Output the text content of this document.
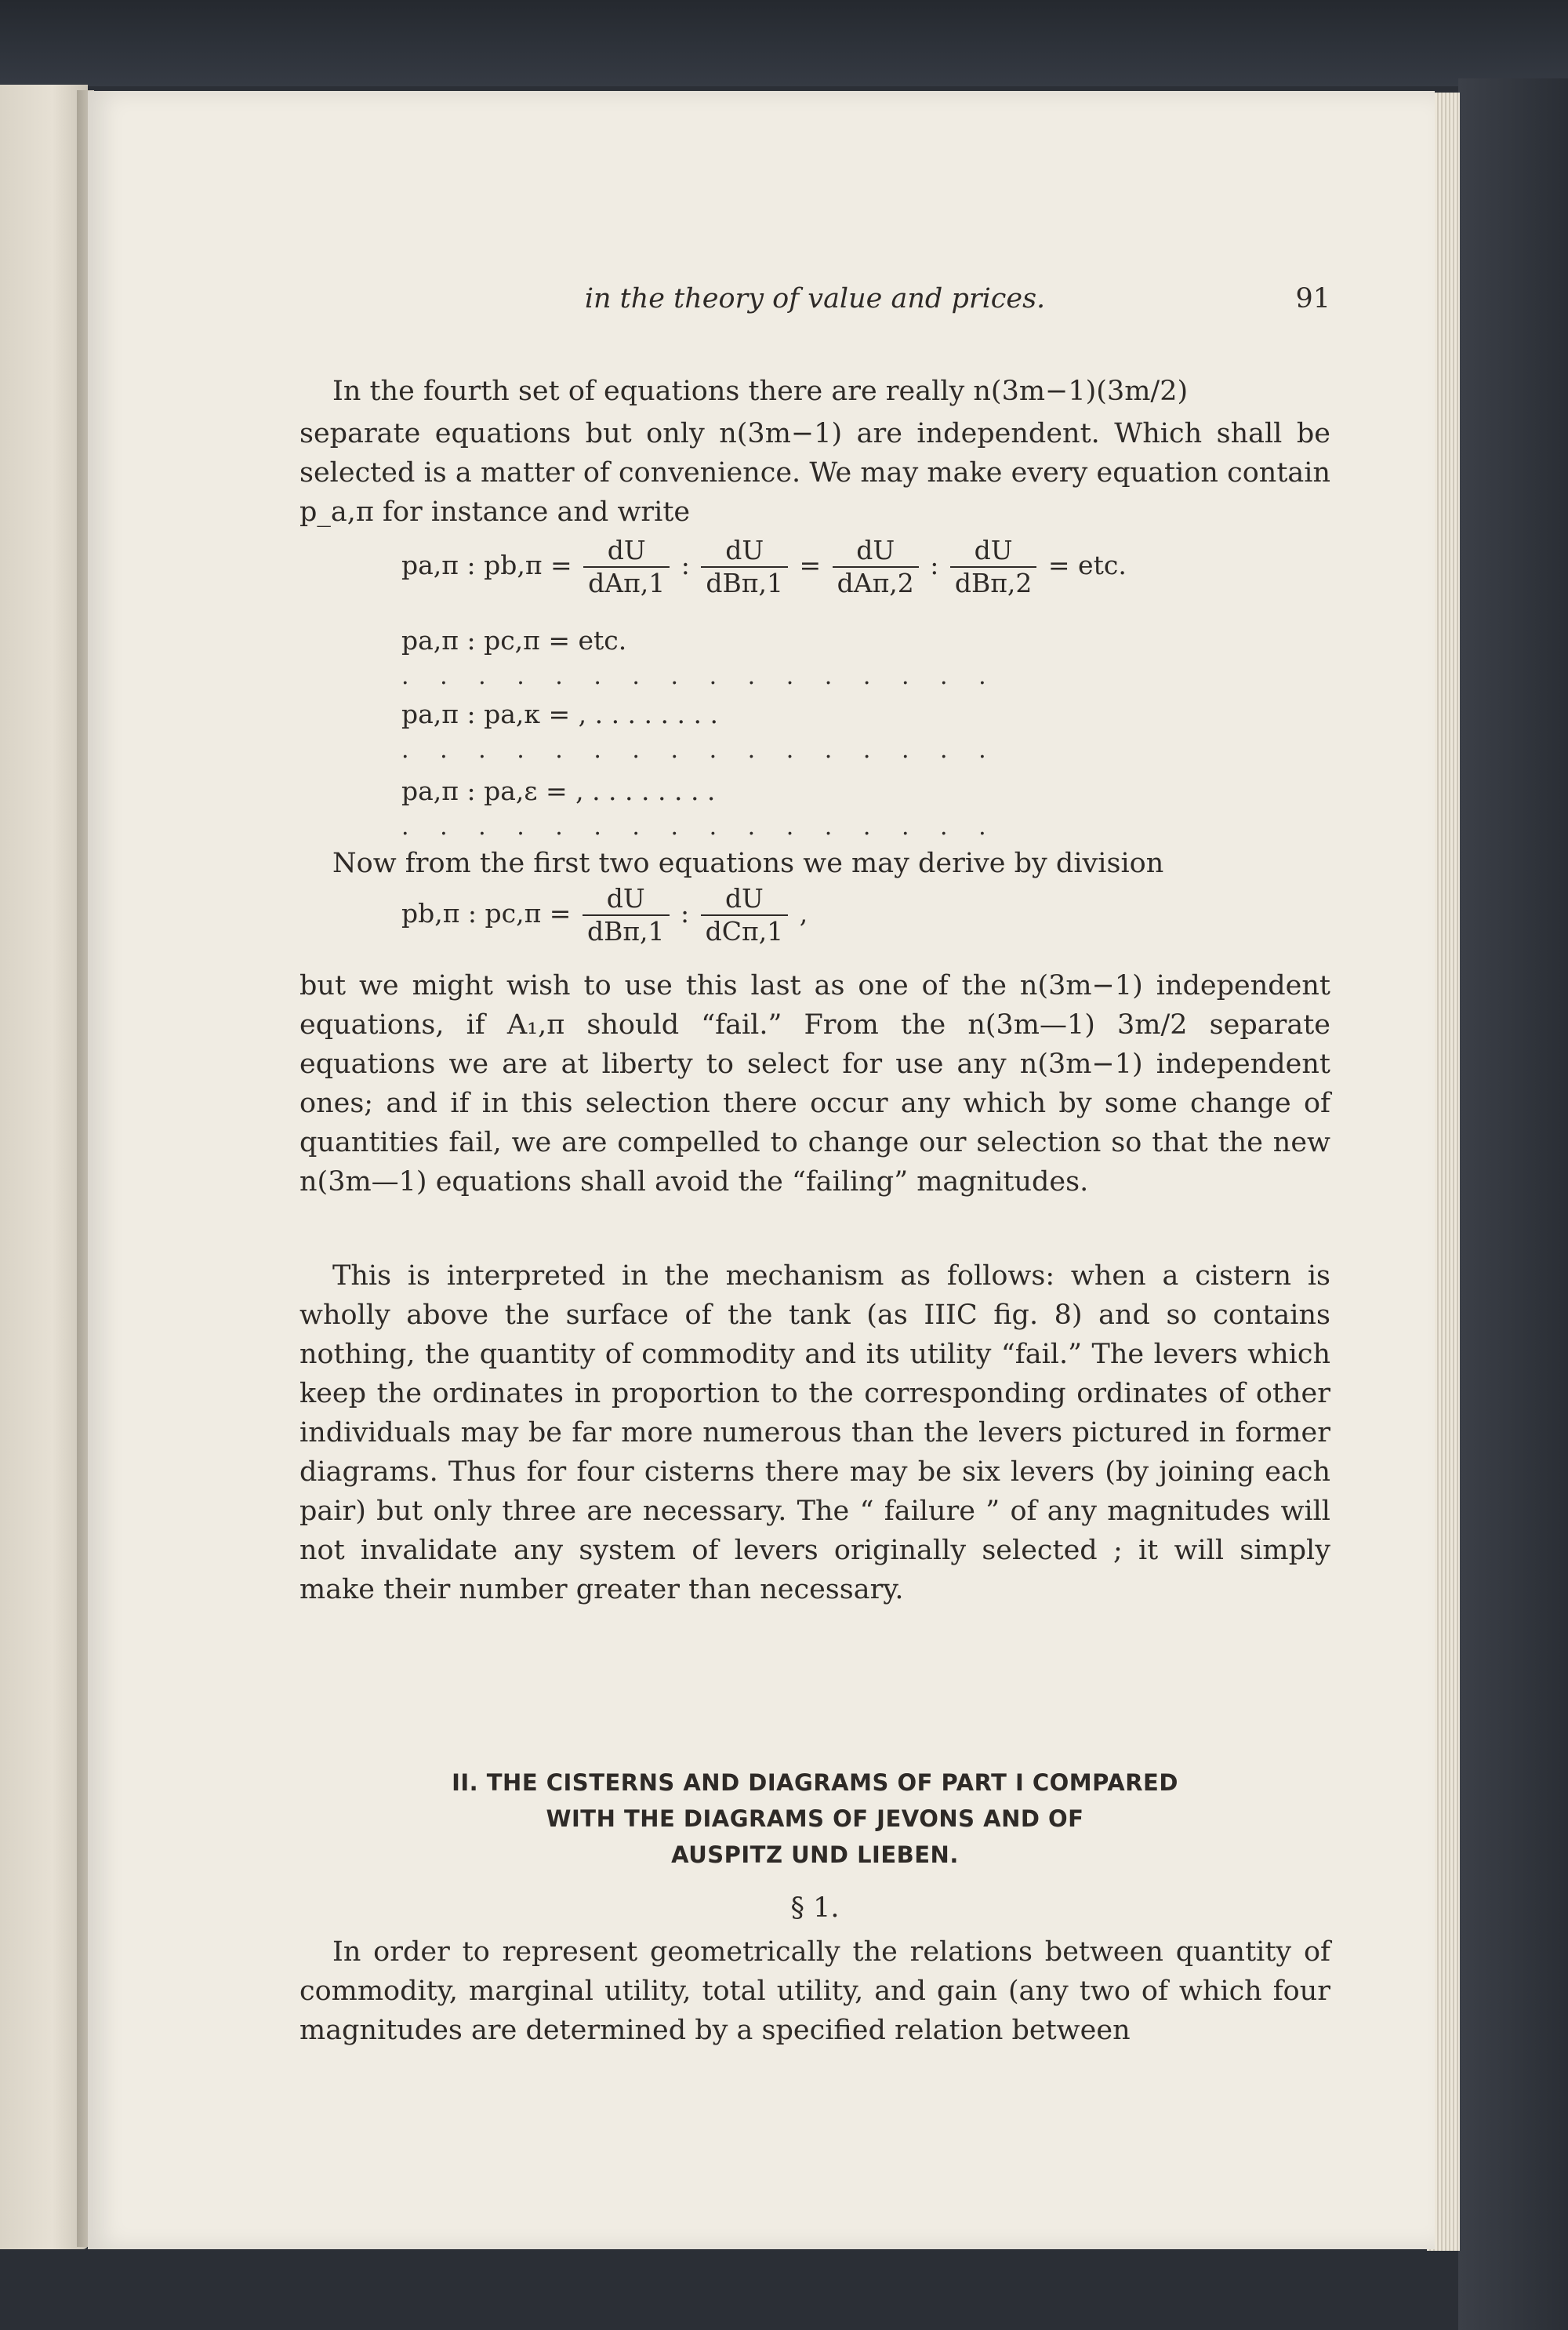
in the theory of value and prices.	91

In the fourth set of equations there are really n(3m−1)(3m/2)

separate equations but only n(3m−1) are independent. Which shall be selected is a matter of convenience. We may make every equation contain p_a,π for instance and write

pa,π : $pb,\pi = \frac{dU}{\text{dAπ,1}}$ : $\frac{dU}{\text{dBπ,1}} = \frac{dU}{\text{dAπ,2}}$ : $\frac{dU}{\text{dBπ,2}}$ = etc.
pa,π : pc,π = etc.
. . . . . . . . . . . . . . . .
pa,π : pa,κ = , . . . . . . . .
. . . . . . . . . . . . . . . .
pa,π : pa,ε = , . . . . . . . .
. . . . . . . . . . . . . . . .

Now from the first two equations we may derive by division

pb,π : $pc,\pi = \frac{dU}{\text{dBπ,1}}$ : $\frac{dU}{\text{dCπ,1}}$ ,

but we might wish to use this last as one of the n(3m−1) independent equations, if A₁,π should “fail.” From the n(3m—1) 3m/2 separate equations we are at liberty to select for use any n(3m−1) independent ones; and if in this selection there occur any which by some change of quantities fail, we are compelled to change our selection so that the new n(3m—1) equations shall avoid the “failing” magnitudes.

This is interpreted in the mechanism as follows: when a cistern is wholly above the surface of the tank (as IIIC fig. 8) and so contains nothing, the quantity of commodity and its utility “fail.” The levers which keep the ordinates in proportion to the corresponding ordinates of other individuals may be far more numerous than the levers pictured in former diagrams. Thus for four cisterns there may be six levers (by joining each pair) but only three are necessary. The “ failure ” of any magnitudes will not invalidate any system of levers originally selected ; it will simply make their number greater than necessary.

II. THE CISTERNS AND DIAGRAMS OF PART I COMPARED
WITH THE DIAGRAMS OF JEVONS AND OF
AUSPITZ UND LIEBEN.
§ 1.

In order to represent geometrically the relations between quantity of commodity, marginal utility, total utility, and gain (any two of which four magnitudes are determined by a specified relation between
